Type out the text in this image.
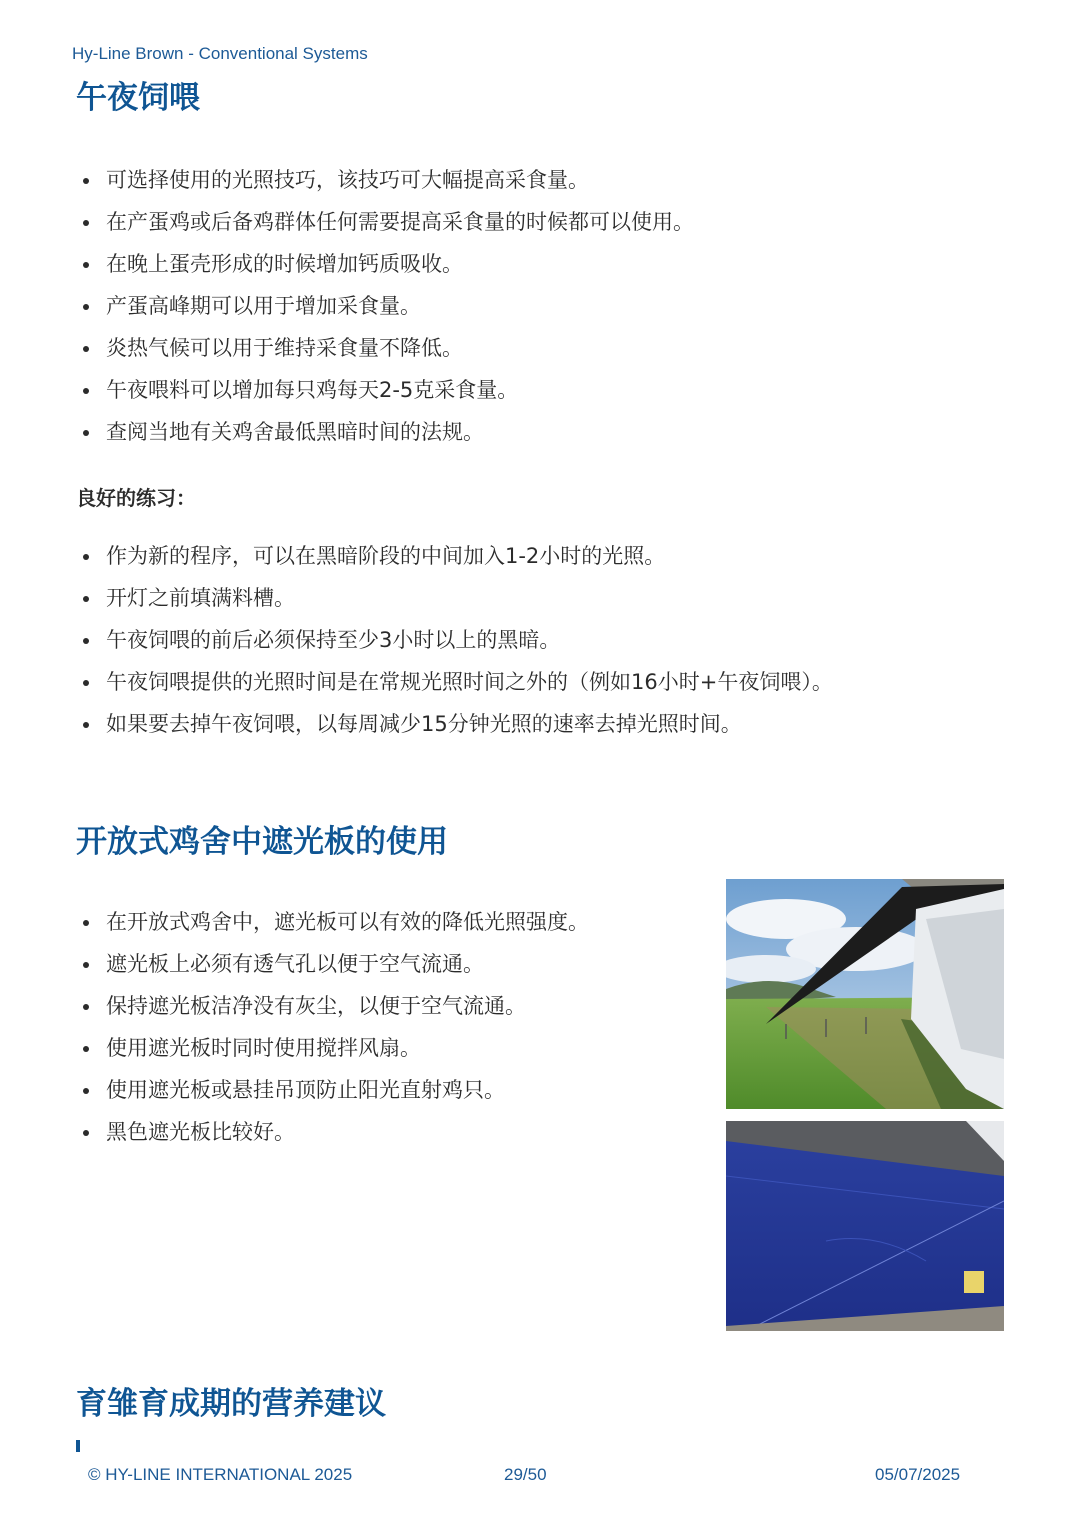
Hy-Line Brown - Conventional Systems
午夜饲喂
可选择使用的光照技巧，该技巧可大幅提高采食量。
在产蛋鸡或后备鸡群体任何需要提高采食量的时候都可以使用。
在晚上蛋壳形成的时候增加钙质吸收。
产蛋高峰期可以用于增加采食量。
炎热气候可以用于维持采食量不降低。
午夜喂料可以增加每只鸡每天2-5克采食量。
查阅当地有关鸡舍最低黑暗时间的法规。
良好的练习：
作为新的程序，可以在黑暗阶段的中间加入1-2小时的光照。
开灯之前填满料槽。
午夜饲喂的前后必须保持至少3小时以上的黑暗。
午夜饲喂提供的光照时间是在常规光照时间之外的（例如16小时+午夜饲喂）。
如果要去掉午夜饲喂，以每周减少15分钟光照的速率去掉光照时间。
开放式鸡舍中遮光板的使用
在开放式鸡舍中，遮光板可以有效的降低光照强度。
遮光板上必须有透气孔以便于空气流通。
保持遮光板洁净没有灰尘，以便于空气流通。
使用遮光板时同时使用搅拌风扇。
使用遮光板或悬挂吊顶防止阳光直射鸡只。
黑色遮光板比较好。
育雏育成期的营养建议
© HY-LINE INTERNATIONAL 2025	29/50	05/07/2025
